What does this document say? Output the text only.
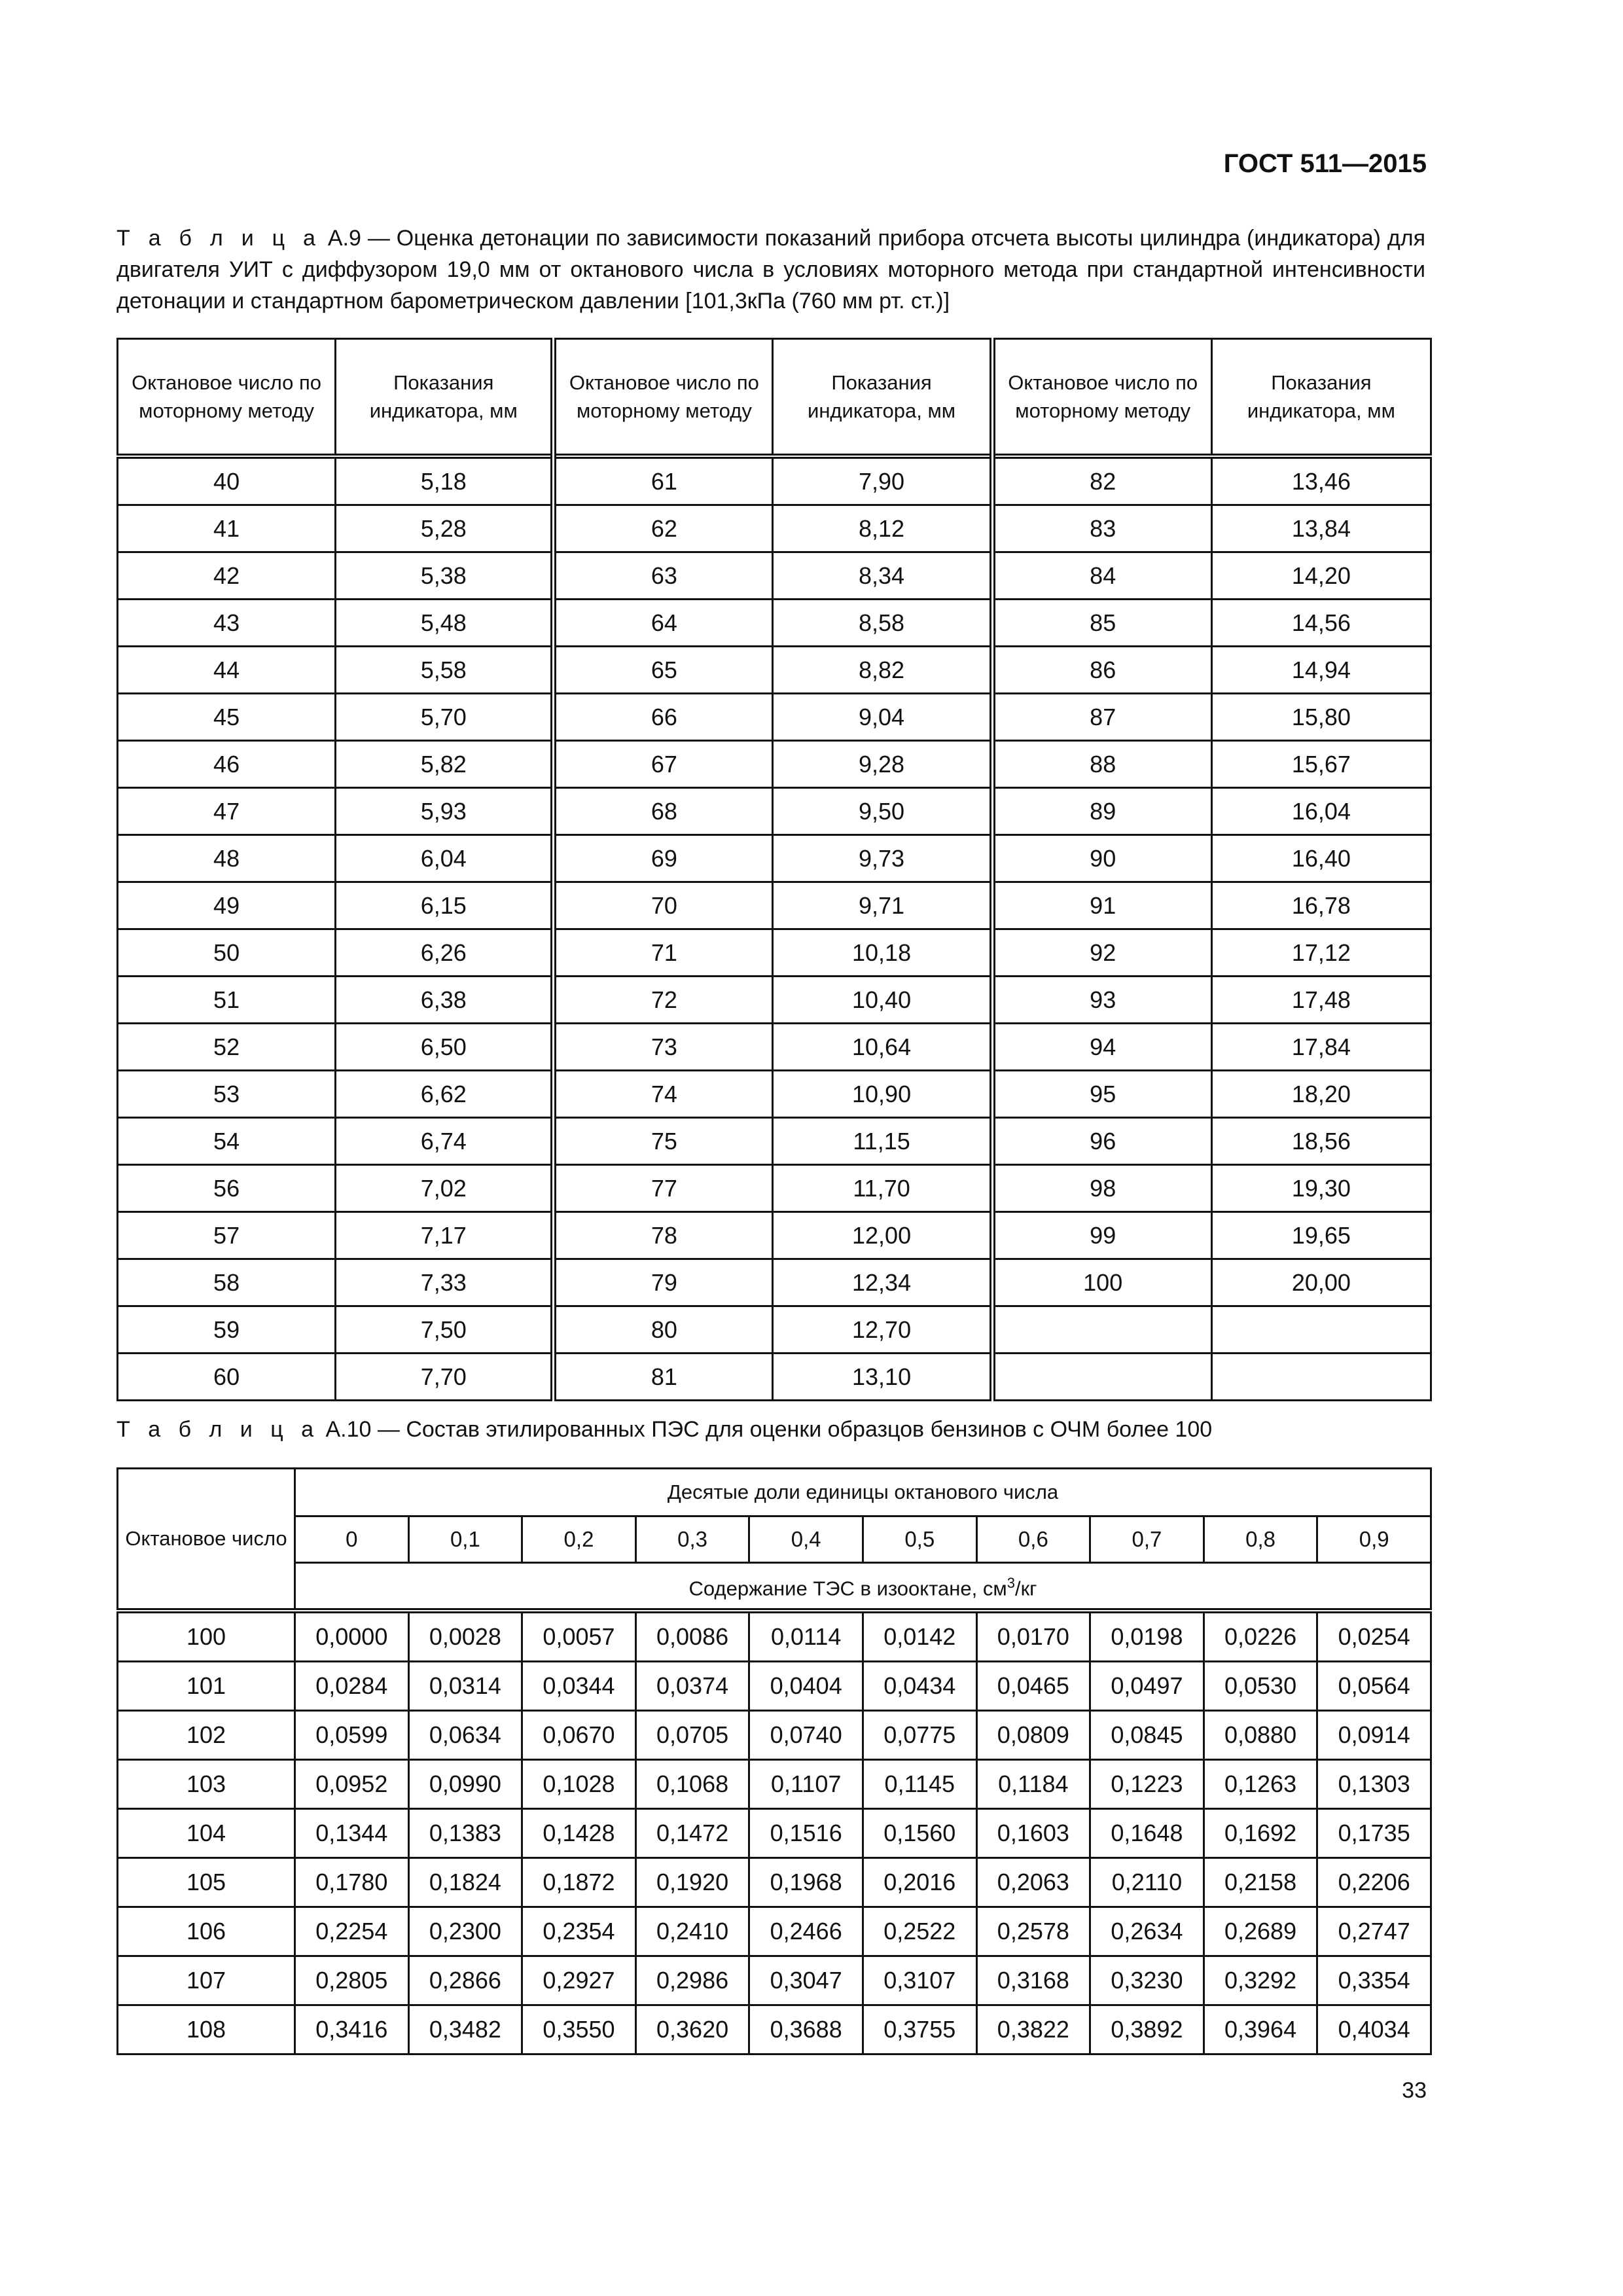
ГОСТ 511—2015
Т а б л и ц а А.9 — Оценка детонации по зависимости показаний прибора отсчета высоты цилиндра (индикатора) для двигателя УИТ с диффузором 19,0 мм от октанового числа в условиях моторного метода при стандартной интенсивности детонации и стандартном барометрическом давлении [101,3кПа (760 мм рт. ст.)]
Октановое число по моторному методу	Показания индикатора, мм	Октановое число по моторному методу	Показания индикатора, мм	Октановое число по моторному методу	Показания индикатора, мм
40	5,18	61	7,90	82	13,46
41	5,28	62	8,12	83	13,84
42	5,38	63	8,34	84	14,20
43	5,48	64	8,58	85	14,56
44	5,58	65	8,82	86	14,94
45	5,70	66	9,04	87	15,80
46	5,82	67	9,28	88	15,67
47	5,93	68	9,50	89	16,04
48	6,04	69	9,73	90	16,40
49	6,15	70	9,71	91	16,78
50	6,26	71	10,18	92	17,12
51	6,38	72	10,40	93	17,48
52	6,50	73	10,64	94	17,84
53	6,62	74	10,90	95	18,20
54	6,74	75	11,15	96	18,56
56	7,02	77	11,70	98	19,30
57	7,17	78	12,00	99	19,65
58	7,33	79	12,34	100	20,00
59	7,50	80	12,70		
60	7,70	81	13,10		
Т а б л и ц а А.10 — Состав этилированных ПЭС для оценки образцов бензинов с ОЧМ более 100
Октановое число	Десятые доли единицы октанового числа									
	0	0,1	0,2	0,3	0,4	0,5	0,6	0,7	0,8	0,9
	Содержание ТЭС в изооктане, $см^3/кг$									
100	0,0000	0,0028	0,0057	0,0086	0,0114	0,0142	0,0170	0,0198	0,0226	0,0254
101	0,0284	0,0314	0,0344	0,0374	0,0404	0,0434	0,0465	0,0497	0,0530	0,0564
102	0,0599	0,0634	0,0670	0,0705	0,0740	0,0775	0,0809	0,0845	0,0880	0,0914
103	0,0952	0,0990	0,1028	0,1068	0,1107	0,1145	0,1184	0,1223	0,1263	0,1303
104	0,1344	0,1383	0,1428	0,1472	0,1516	0,1560	0,1603	0,1648	0,1692	0,1735
105	0,1780	0,1824	0,1872	0,1920	0,1968	0,2016	0,2063	0,2110	0,2158	0,2206
106	0,2254	0,2300	0,2354	0,2410	0,2466	0,2522	0,2578	0,2634	0,2689	0,2747
107	0,2805	0,2866	0,2927	0,2986	0,3047	0,3107	0,3168	0,3230	0,3292	0,3354
108	0,3416	0,3482	0,3550	0,3620	0,3688	0,3755	0,3822	0,3892	0,3964	0,4034
33
